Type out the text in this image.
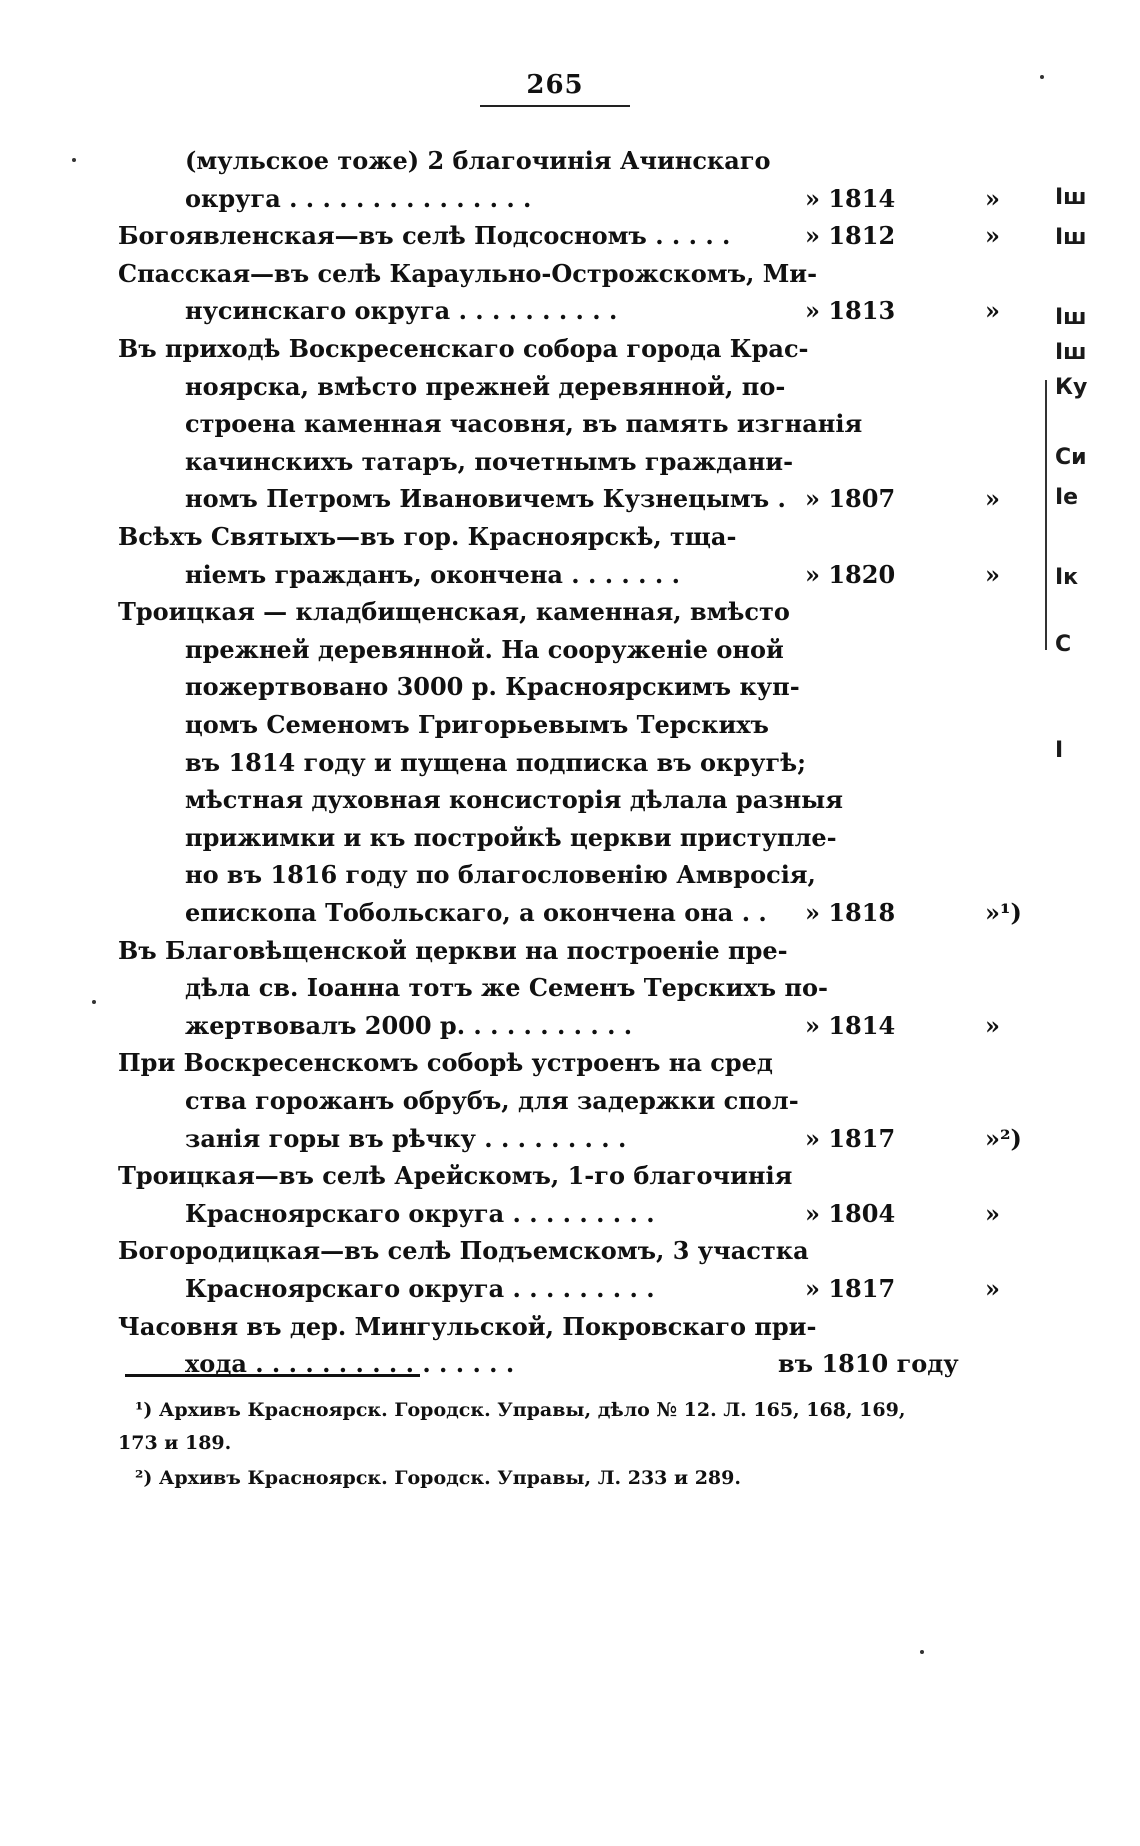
265
(мульское тоже) 2 благочинія Ачинскаго
округа . . . . . . . . . . . . . . .	» 1814	»
Богоявленская—въ селѣ Подсосномъ . . . . .	» 1812	»
Спасская—въ селѣ Караульно-Острожскомъ, Ми-
нусинскаго округа . . . . . . . . . .	» 1813	»
Въ приходѣ Воскресенскаго собора города Крас-
ноярска, вмѣсто прежней деревянной, по-
строена каменная часовня, въ память изгнанія
качинскихъ татаръ, почетнымъ граждани-
номъ Петромъ Ивановичемъ Кузнецымъ . » 1807	»
Всѣхъ Святыхъ—въ гор. Красноярскѣ, тща-
ніемъ гражданъ, окончена . . . . . . .	» 1820	»
Троицкая — кладбищенская, каменная, вмѣсто
прежней деревянной. На сооруженіе оной
пожертвовано 3000 р. Красноярскимъ куп-
цомъ Семеномъ Григорьевымъ Терскихъ
въ 1814 году и пущена подписка въ округѣ;
мѣстная духовная консисторія дѣлала разныя
прижимки и къ постройкѣ церкви приступле-
но въ 1816 году по благословенію Амвросія,
епископа Тобольскаго, а окончена она . .	» 1818	»¹)
Въ Благовѣщенской церкви на построеніе пре-
дѣла св. Іоанна тотъ же Семенъ Терскихъ по-
жертвовалъ 2000 р. . . . . . . . . . .	» 1814	»
При Воскресенскомъ соборѣ устроенъ на сред
ства горожанъ обрубъ, для задержки спол-
занія горы въ рѣчку . . . . . . . . .	» 1817	»²)
Троицкая—въ селѣ Арейскомъ, 1-го благочинія
Красноярскаго округа . . . . . . . . .	» 1804	»
Богородицкая—въ селѣ Подъемскомъ, 3 участка
Красноярскаго округа . . . . . . . . .	» 1817	»
Часовня въ дер. Мингульской, Покровскаго при-
хода . . . . . . . . . . . . . . . .	въ 1810 году
¹) Архивъ Красноярск. Городск. Управы, дѣло № 12. Л. 165, 168, 169,
173 и 189.
²) Архивъ Красноярск. Городск. Управы, Л. 233 и 289.
Іш
Іш
Іш
Іш
Ку
Си
Іе
Ік
С
І
